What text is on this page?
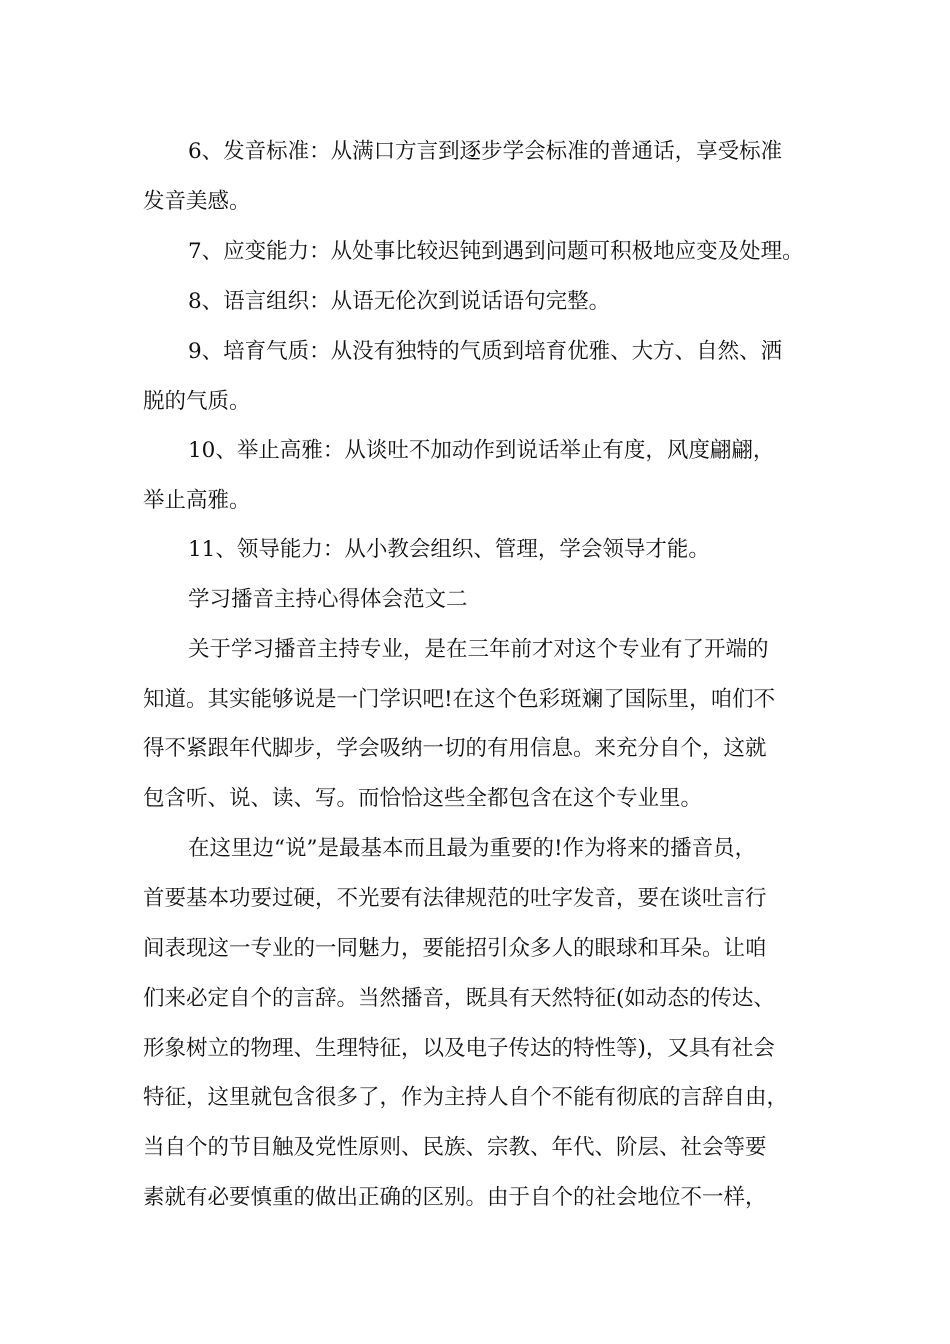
6、发音标准：从满口方言到逐步学会标准的普通话，享受标准
发音美感。
7、应变能力：从处事比较迟钝到遇到问题可积极地应变及处理。
8、语言组织：从语无伦次到说话语句完整。
9、培育气质：从没有独特的气质到培育优雅、大方、自然、洒
脱的气质。
10、举止高雅：从谈吐不加动作到说话举止有度，风度翩翩，
举止高雅。
11、领导能力：从小教会组织、管理，学会领导才能。
学习播音主持心得体会范文二
关于学习播音主持专业，是在三年前才对这个专业有了开端的
知道。其实能够说是一门学识吧!在这个色彩斑斓了国际里，咱们不
得不紧跟年代脚步，学会吸纳一切的有用信息。来充分自个，这就
包含听、说、读、写。而恰恰这些全都包含在这个专业里。
在这里边“说”是最基本而且最为重要的!作为将来的播音员，
首要基本功要过硬，不光要有法律规范的吐字发音，要在谈吐言行
间表现这一专业的一同魅力，要能招引众多人的眼球和耳朵。让咱
们来必定自个的言辞。当然播音，既具有天然特征(如动态的传达、
形象树立的物理、生理特征，以及电子传达的特性等)，又具有社会
特征，这里就包含很多了，作为主持人自个不能有彻底的言辞自由，
当自个的节目触及党性原则、民族、宗教、年代、阶层、社会等要
素就有必要慎重的做出正确的区别。由于自个的社会地位不一样，
